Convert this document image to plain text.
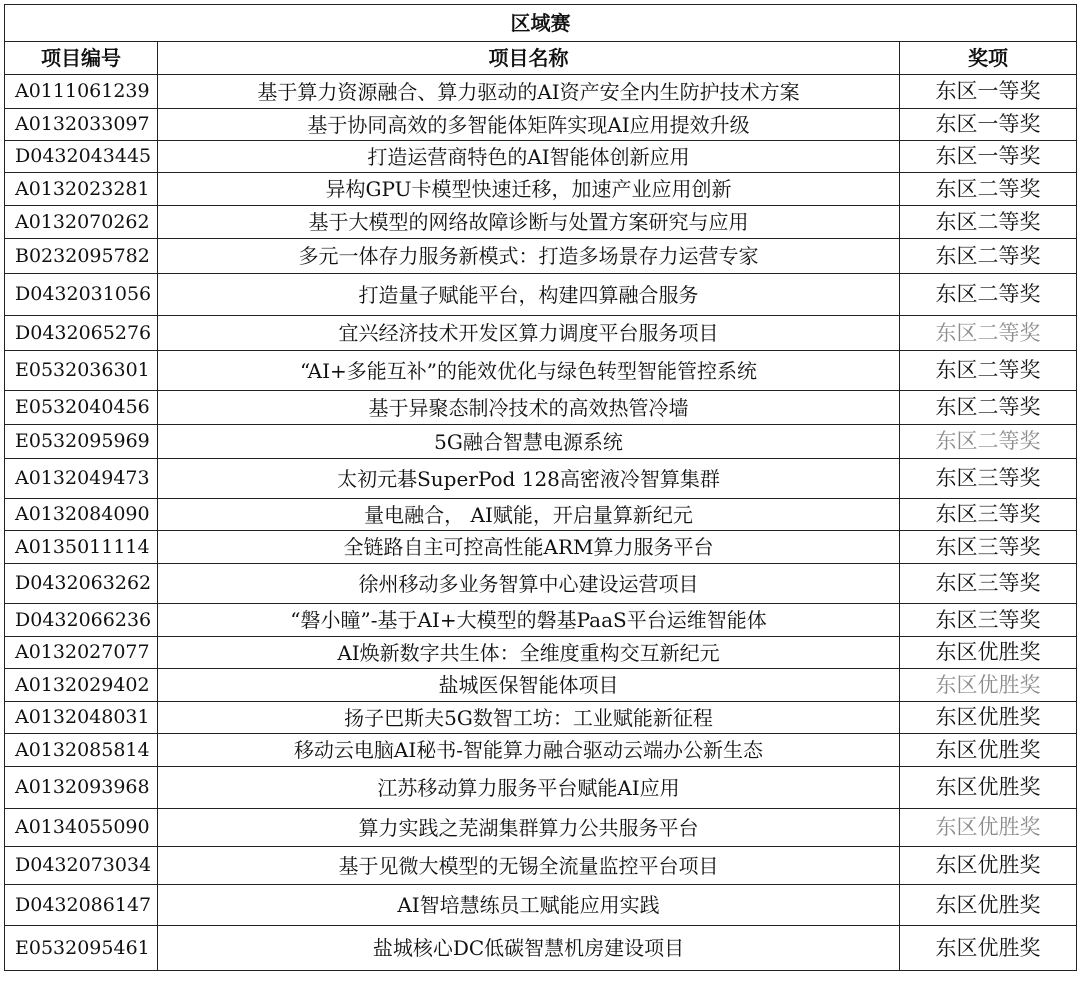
区域赛		
项目编号	项目名称	奖项
A0111061239	基于算力资源融合、算力驱动的AI资产安全内生防护技术方案	东区一等奖
A0132033097	基于协同高效的多智能体矩阵实现AI应用提效升级	东区一等奖
D0432043445	打造运营商特色的AI智能体创新应用	东区一等奖
A0132023281	异构GPU卡模型快速迁移，加速产业应用创新	东区二等奖
A0132070262	基于大模型的网络故障诊断与处置方案研究与应用	东区二等奖
B0232095782	多元一体存力服务新模式：打造多场景存力运营专家	东区二等奖
D0432031056	打造量子赋能平台，构建四算融合服务	东区二等奖
D0432065276	宜兴经济技术开发区算力调度平台服务项目	东区二等奖
E0532036301	“AI+多能互补”的能效优化与绿色转型智能管控系统	东区二等奖
E0532040456	基于异聚态制冷技术的高效热管冷墙	东区二等奖
E0532095969	5G融合智慧电源系统	东区二等奖
A0132049473	太初元碁SuperPod 128高密液冷智算集群	东区三等奖
A0132084090	量电融合， AI赋能，开启量算新纪元	东区三等奖
A0135011114	全链路自主可控高性能ARM算力服务平台	东区三等奖
D0432063262	徐州移动多业务智算中心建设运营项目	东区三等奖
D0432066236	“磐小瞳”-基于AI+大模型的磐基PaaS平台运维智能体	东区三等奖
A0132027077	AI焕新数字共生体：全维度重构交互新纪元	东区优胜奖
A0132029402	盐城医保智能体项目	东区优胜奖
A0132048031	扬子巴斯夫5G数智工坊：工业赋能新征程	东区优胜奖
A0132085814	移动云电脑AI秘书-智能算力融合驱动云端办公新生态	东区优胜奖
A0132093968	江苏移动算力服务平台赋能AI应用	东区优胜奖
A0134055090	算力实践之芜湖集群算力公共服务平台	东区优胜奖
D0432073034	基于见微大模型的无锡全流量监控平台项目	东区优胜奖
D0432086147	AI智培慧练员工赋能应用实践	东区优胜奖
E0532095461	盐城核心DC低碳智慧机房建设项目	东区优胜奖
